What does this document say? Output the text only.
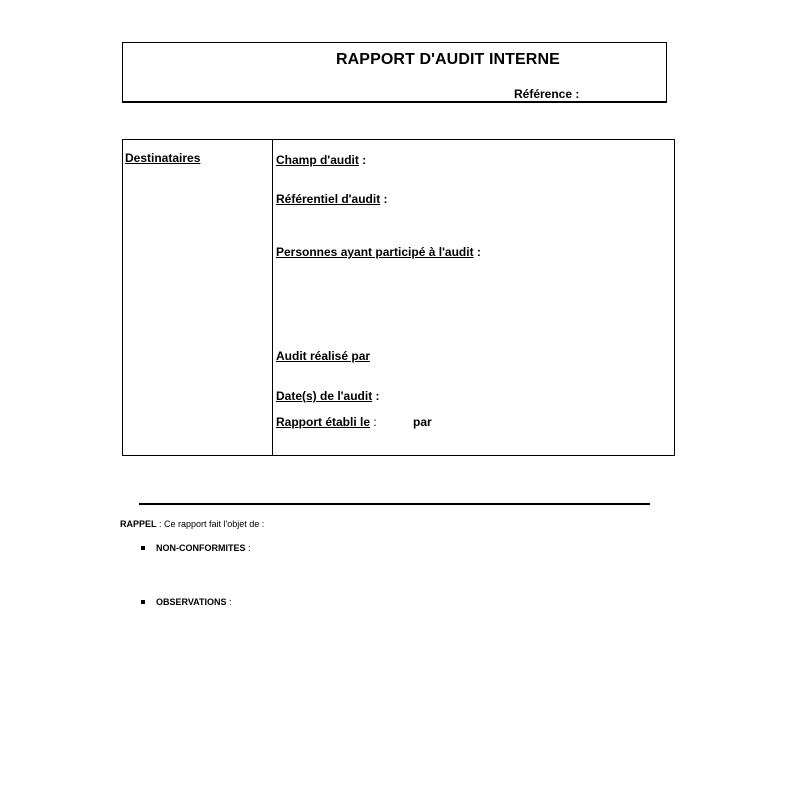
RAPPORT D'AUDIT INTERNE
Référence :
Destinataires	Champ d'audit :
Référentiel d'audit :
Personnes ayant participé à l'audit :
Audit réalisé par
Date(s) de l'audit :
Rapport établi le :	par
RAPPEL : Ce rapport fait l'objet de :
NON-CONFORMITES :
OBSERVATIONS :
